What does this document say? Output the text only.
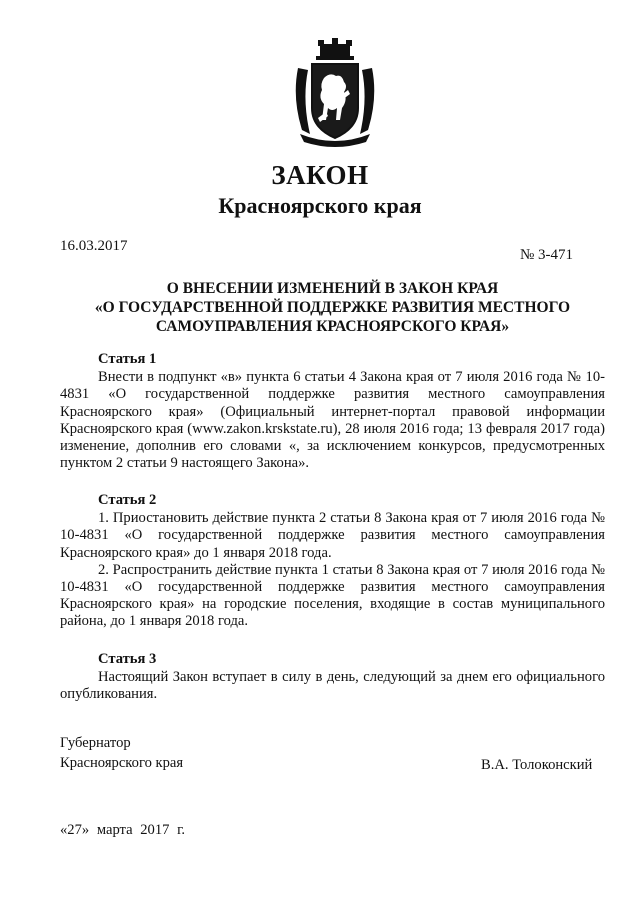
ЗАКОН
Красноярского края
16.03.2017
№ 3-471
О ВНЕСЕНИИ ИЗМЕНЕНИЙ В ЗАКОН КРАЯ
«О ГОСУДАРСТВЕННОЙ ПОДДЕРЖКЕ РАЗВИТИЯ МЕСТНОГО
САМОУПРАВЛЕНИЯ КРАСНОЯРСКОГО КРАЯ»
Статья 1

Внести в подпункт «в» пункта 6 статьи 4 Закона края от 7 июля 2016 года № 10-4831 «О государственной поддержке развития местного самоуправления Красноярского края» (Официальный интернет-портал правовой информации Красноярского края (www.zakon.krskstate.ru), 28 июля 2016 года; 13 февраля 2017 года) изменение, дополнив его словами «, за исключением конкурсов, предусмотренных пунктом 2 статьи 9 настоящего Закона».

Статья 2

1. Приостановить действие пункта 2 статьи 8 Закона края от 7 июля 2016 года № 10-4831 «О государственной поддержке развития местного самоуправления Красноярского края» до 1 января 2018 года.

2. Распространить действие пункта 1 статьи 8 Закона края от 7 июля 2016 года № 10-4831 «О государственной поддержке развития местного самоуправления Красноярского края» на городские поселения, входящие в состав муниципального района, до 1 января 2018 года.

Статья 3

Настоящий Закон вступает в силу в день, следующий за днем его официального опубликования.

Губернатор
Красноярского края	В.А. Толоконский
«27» марта 2017 г.
